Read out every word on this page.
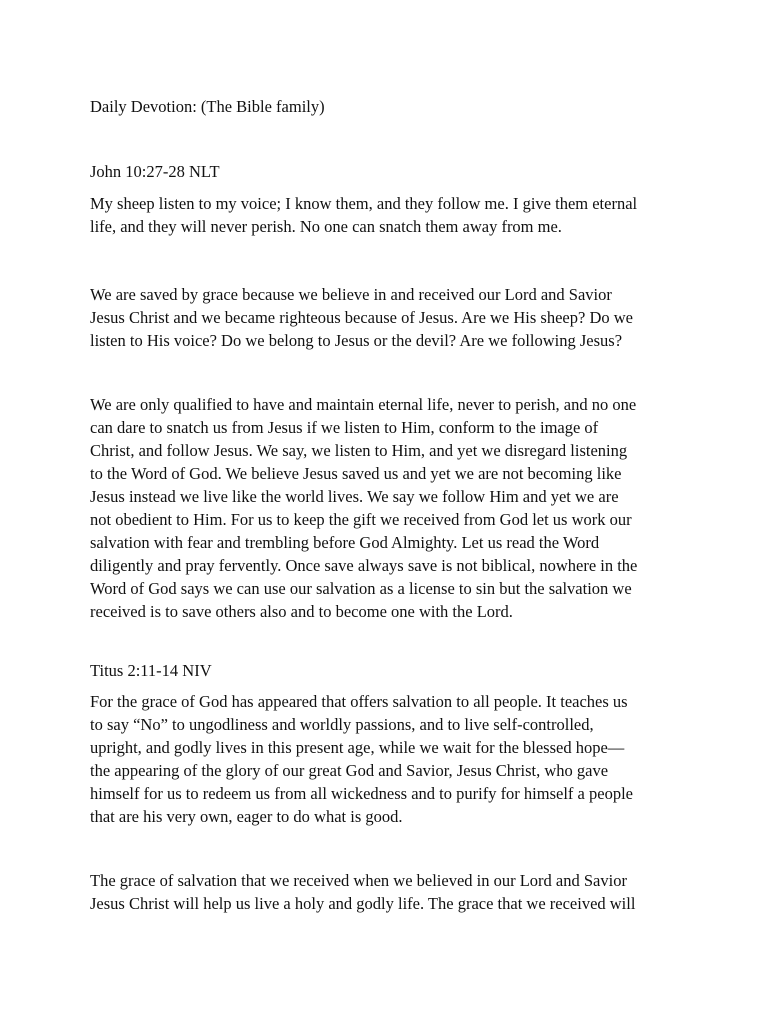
Daily Devotion: (The Bible family)

John 10:27-28 NLT

My sheep listen to my voice; I know them, and they follow me. I give them eternal

life, and they will never perish. No one can snatch them away from me.

We are saved by grace because we believe in and received our Lord and Savior

Jesus Christ and we became righteous because of Jesus. Are we His sheep? Do we

listen to His voice? Do we belong to Jesus or the devil? Are we following Jesus?

We are only qualified to have and maintain eternal life, never to perish, and no one

can dare to snatch us from Jesus if we listen to Him, conform to the image of

Christ, and follow Jesus. We say, we listen to Him, and yet we disregard listening

to the Word of God. We believe Jesus saved us and yet we are not becoming like

Jesus instead we live like the world lives. We say we follow Him and yet we are

not obedient to Him. For us to keep the gift we received from God let us work our

salvation with fear and trembling before God Almighty. Let us read the Word

diligently and pray fervently. Once save always save is not biblical, nowhere in the

Word of God says we can use our salvation as a license to sin but the salvation we

received is to save others also and to become one with the Lord.

Titus 2:11-14 NIV

For the grace of God has appeared that offers salvation to all people. It teaches us

to say “No” to ungodliness and worldly passions, and to live self-controlled,

upright, and godly lives in this present age, while we wait for the blessed hope—

the appearing of the glory of our great God and Savior, Jesus Christ, who gave

himself for us to redeem us from all wickedness and to purify for himself a people

that are his very own, eager to do what is good.

The grace of salvation that we received when we believed in our Lord and Savior

Jesus Christ will help us live a holy and godly life. The grace that we received will
